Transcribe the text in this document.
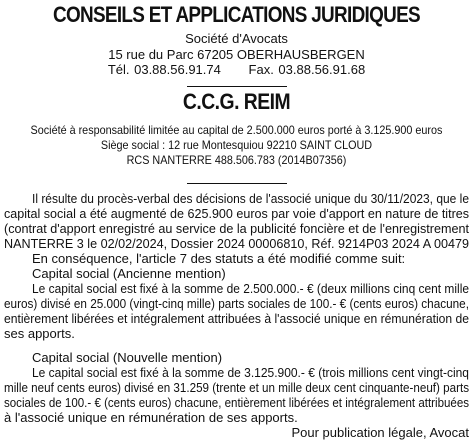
CONSEILS ET APPLICATIONS JURIDIQUES
Société d'Avocats
15 rue du Parc 67205 OBERHAUSBERGEN
Tél. 03.88.56.91.74      Fax. 03.88.56.91.68
C.C.G. REIM
Société à responsabilité limitée au capital de 2.500.000 euros porté à 3.125.900 euros
Siège social : 12 rue Montesquiou 92210 SAINT CLOUD
RCS NANTERRE 488.506.783 (2014B07356)
Il résulte du procès-verbal des décisions de l'associé unique du 30/11/2023, que le
capital social a été augmenté de 625.900 euros par voie d'apport en nature de titres
(contrat d'apport enregistré au service de la publicité foncière et de l'enregistrement
NANTERRE 3 le 02/02/2024, Dossier 2024 00006810, Réf. 9214P03 2024 A 00479
En conséquence, l'article 7 des statuts a été modifié comme suit:
Capital social (Ancienne mention)
Le capital social est fixé à la somme de 2.500.000.- € (deux millions cinq cent mille
euros) divisé en 25.000 (vingt-cinq mille) parts sociales de 100.- € (cents euros) chacune,
entièrement libérées et intégralement attribuées à l'associé unique en rémunération de
ses apports.
Capital social (Nouvelle mention)
Le capital social est fixé à la somme de 3.125.900.- € (trois millions cent vingt-cinq
mille neuf cents euros) divisé en 31.259 (trente et un mille deux cent cinquante-neuf) parts
sociales de 100.- € (cents euros) chacune, entièrement libérées et intégralement attribuées
à l'associé unique en rémunération de ses apports.
Pour publication légale, Avocat
